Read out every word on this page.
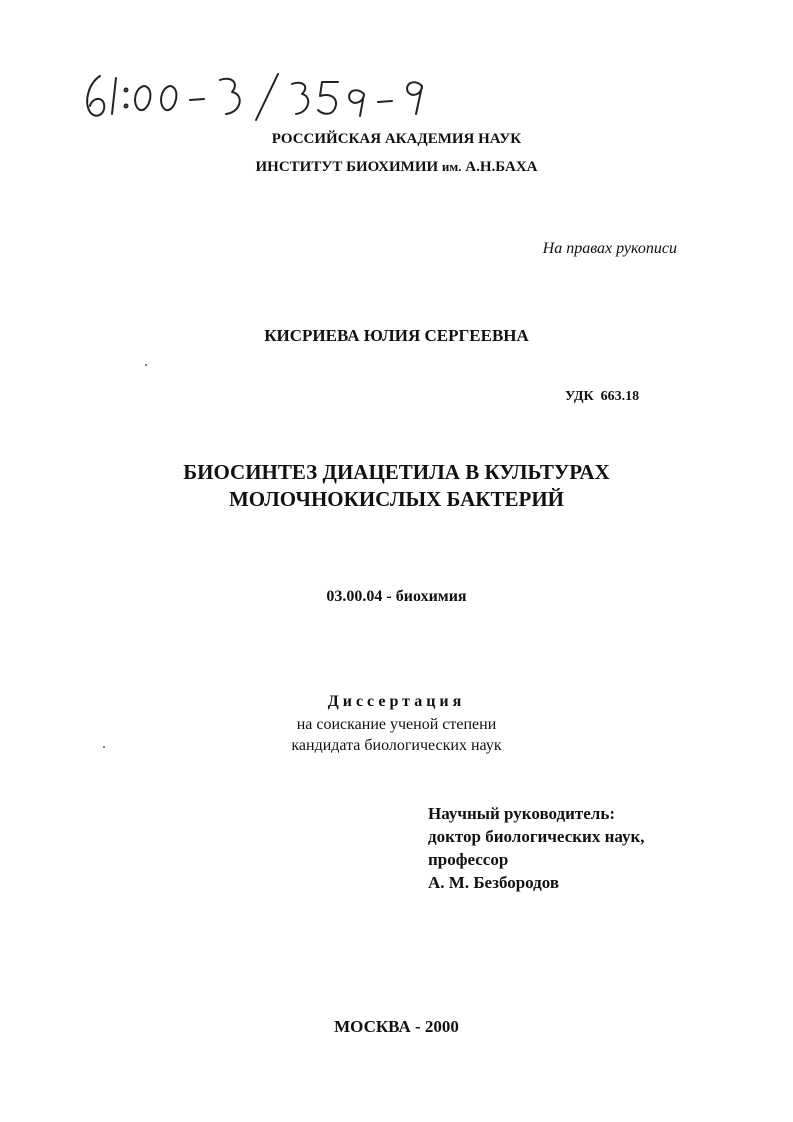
РОССИЙСКАЯ АКАДЕМИЯ НАУК

ИНСТИТУТ БИОХИМИИ им. А.Н.БАХА

На правах рукописи

КИСРИЕВА ЮЛИЯ СЕРГЕЕВНА

УДК 663.18

БИОСИНТЕЗ ДИАЦЕТИЛА В КУЛЬТУРАХ

МОЛОЧНОКИСЛЫХ БАКТЕРИЙ

03.00.04 - биохимия

Диссертация

на соискание ученой степени

кандидата биологических наук

Научный руководитель:

доктор биологических наук,

профессор

А. М. Безбородов

МОСКВА - 2000
